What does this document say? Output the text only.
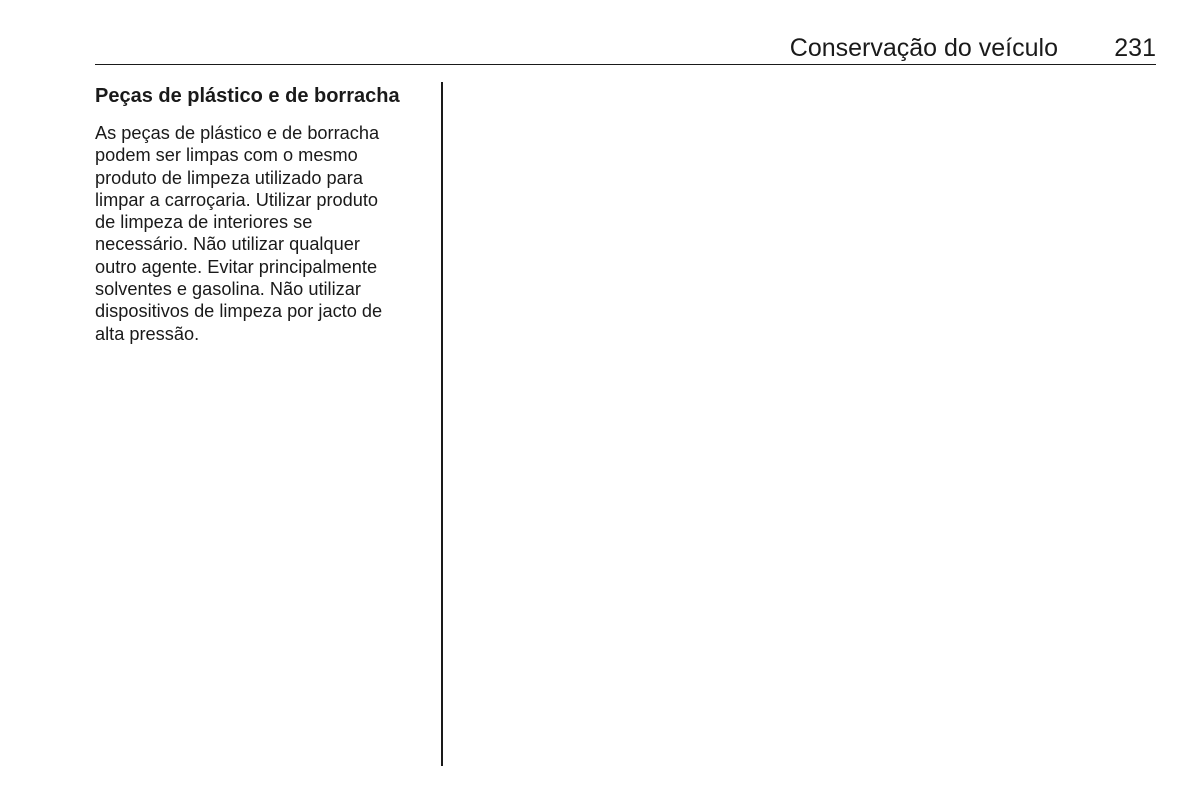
Conservação do veículo 231
Peças de plástico e de borracha

As peças de plástico e de borracha
podem ser limpas com o mesmo
produto de limpeza utilizado para
limpar a carroçaria. Utilizar produto
de limpeza de interiores se
necessário. Não utilizar qualquer
outro agente. Evitar principalmente
solventes e gasolina. Não utilizar
dispositivos de limpeza por jacto de
alta pressão.
